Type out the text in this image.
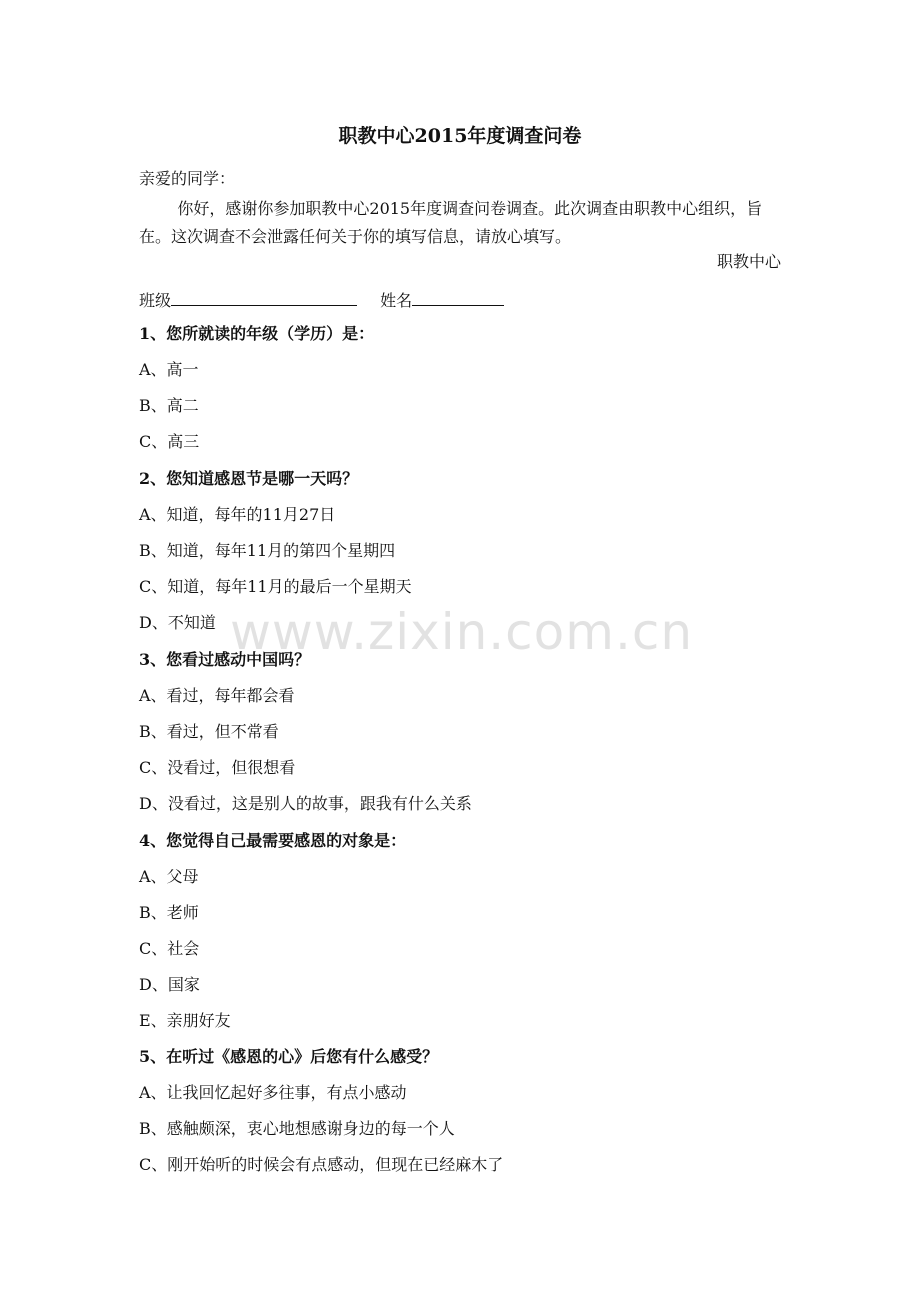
职教中心2015年度调查问卷
亲爱的同学：
你好，感谢你参加职教中心2015年度调查问卷调查。此次调查由职教中心组织，旨在。这次调查不会泄露任何关于你的填写信息，请放心填写。
职教中心
班级	姓名
1、您所就读的年级（学历）是：
A、高一
B、高二
C、高三
2、您知道感恩节是哪一天吗？
A、知道，每年的11月27日
B、知道，每年11月的第四个星期四
C、知道，每年11月的最后一个星期天
D、不知道
3、您看过感动中国吗？
A、看过，每年都会看
B、看过，但不常看
C、没看过，但很想看
D、没看过，这是别人的故事，跟我有什么关系
4、您觉得自己最需要感恩的对象是：
A、父母
B、老师
C、社会
D、国家
E、亲朋好友
5、在听过《感恩的心》后您有什么感受？
A、让我回忆起好多往事，有点小感动
B、感触颇深，衷心地想感谢身边的每一个人
C、刚开始听的时候会有点感动，但现在已经麻木了
www.zixin.com.cn
